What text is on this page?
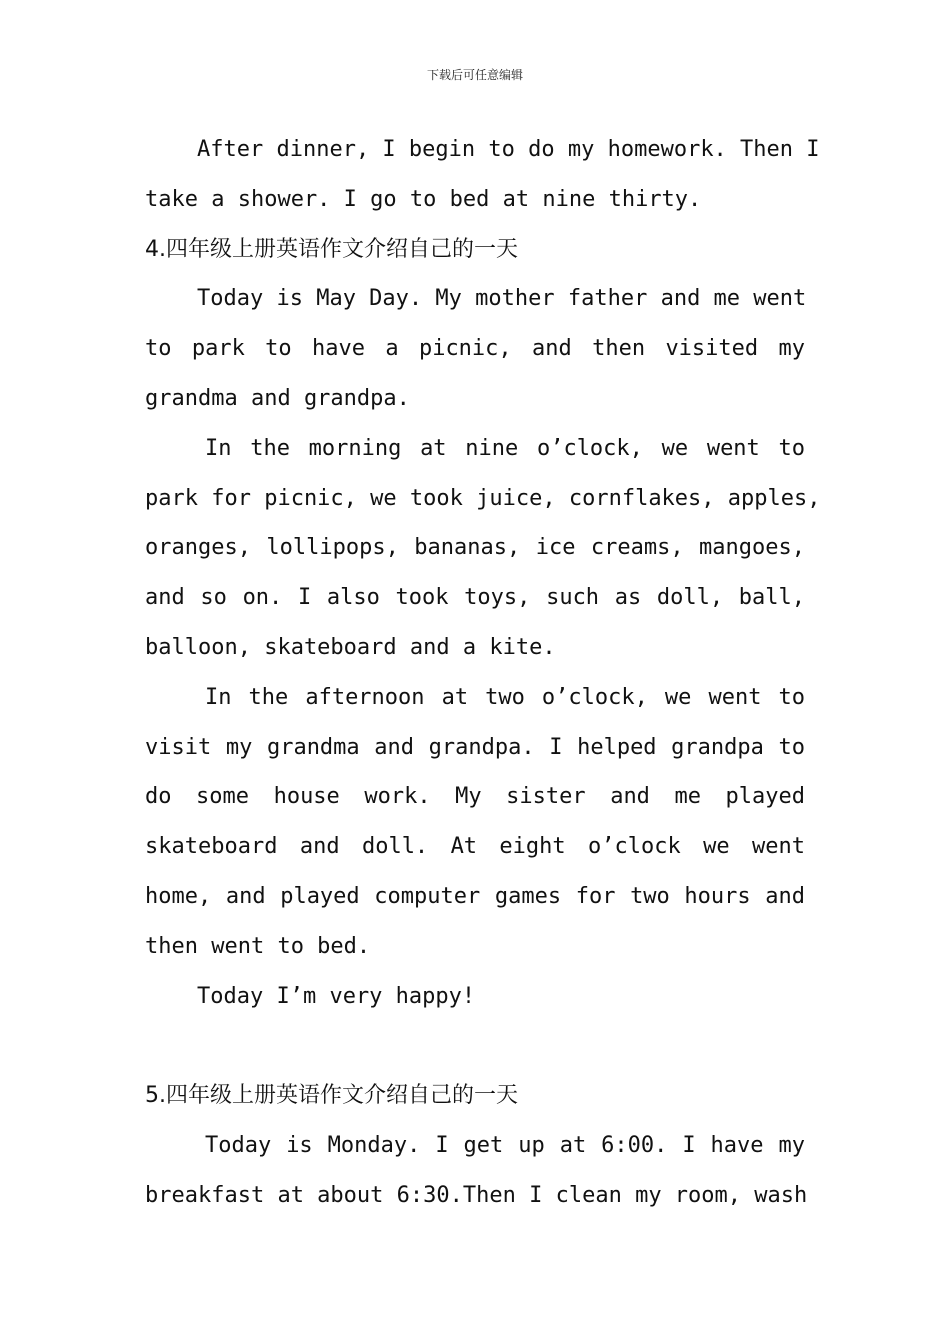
下载后可任意编辑
After dinner, I begin to do my homework. Then I
take a shower. I go to bed at nine thirty.
4.四年级上册英语作文介绍自己的一天
Today is May Day. My mother father and me went
to park to have a picnic, and then visited my
grandma and grandpa.
In the morning at nine o’clock, we went to
park for picnic, we took juice, cornflakes, apples,
oranges, lollipops, bananas, ice creams, mangoes,
and so on. I also took toys, such as doll, ball,
balloon, skateboard and a kite.
In the afternoon at two o’clock, we went to
visit my grandma and grandpa. I helped grandpa to
do some house work. My sister and me played
skateboard and doll. At eight o’clock we went
home, and played computer games for two hours and
then went to bed.
Today I’m very happy!
5.四年级上册英语作文介绍自己的一天
Today is Monday. I get up at 6:00. I have my
breakfast at about 6:30.Then I clean my room, wash
